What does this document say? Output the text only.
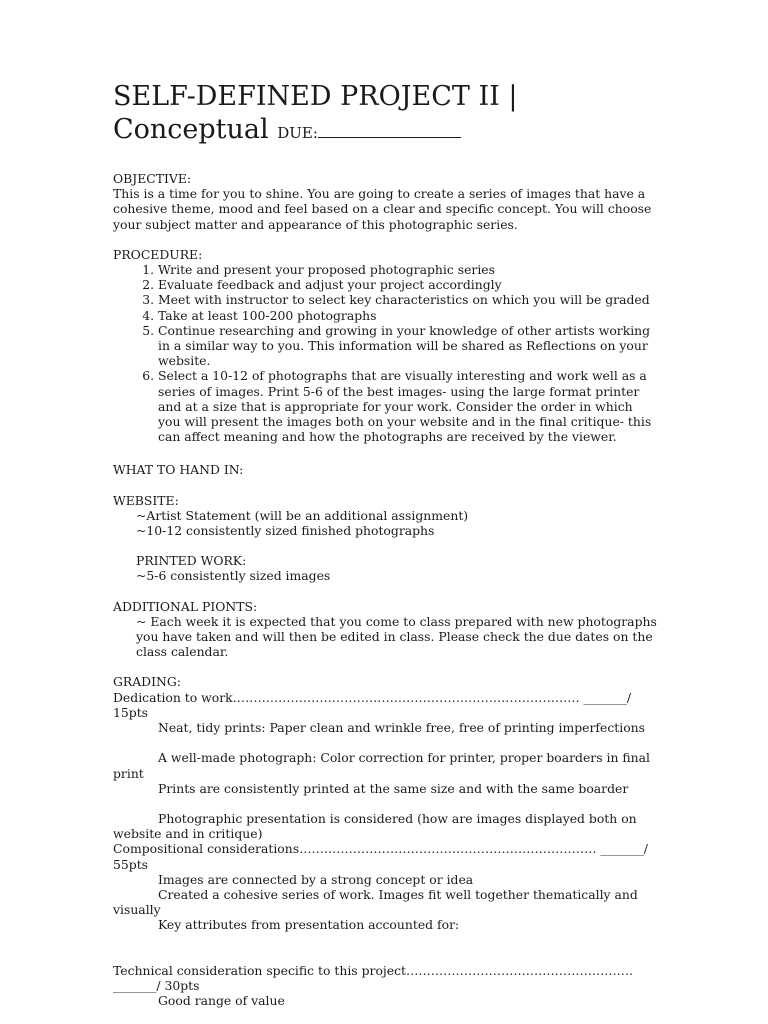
SELF-DEFINED PROJECT II |
Conceptual DUE:

OBJECTIVE:

This is a time for you to shine. You are going to create a series of images that have a cohesive theme, mood and feel based on a clear and specific concept. You will choose your subject matter and appearance of this photographic series.

PROCEDURE:

1. Write and present your proposed photographic series
2. Evaluate feedback and adjust your project accordingly
3. Meet with instructor to select key characteristics on which you will be graded
4. Take at least 100-200 photographs
5. Continue researching and growing in your knowledge of other artists working in a similar way to you. This information will be shared as Reflections on your website.
6. Select a 10-12 of photographs that are visually interesting and work well as a series of images. Print 5-6 of the best images- using the large format printer and at a size that is appropriate for your work. Consider the order in which you will present the images both on your website and in the final critique- this can affect meaning and how the photographs are received by the viewer.

WHAT TO HAND IN:

WEBSITE:

~Artist Statement (will be an additional assignment)

~10-12 consistently sized finished photographs

PRINTED WORK:

~5-6 consistently sized images

ADDITIONAL PIONTS:

~ Each week it is expected that you come to class prepared with new photographs you have taken and will then be edited in class. Please check the due dates on the class calendar.

GRADING:

Dedication to work………………………………………………………………………… _______/ 15pts

Neat, tidy prints: Paper clean and wrinkle free, free of printing imperfections

A well-made photograph: Color correction for printer, proper boarders in final print

Prints are consistently printed at the same size and with the same boarder

Photographic presentation is considered (how are images displayed both on website and in critique)

Compositional considerations……………………………………………………………… _______/ 55pts

Images are connected by a strong concept or idea

Created a cohesive series of work. Images fit well together thematically and visually

Key attributes from presentation accounted for:

Technical consideration specific to this project………………………………………………. _______/ 30pts

Good range of value
